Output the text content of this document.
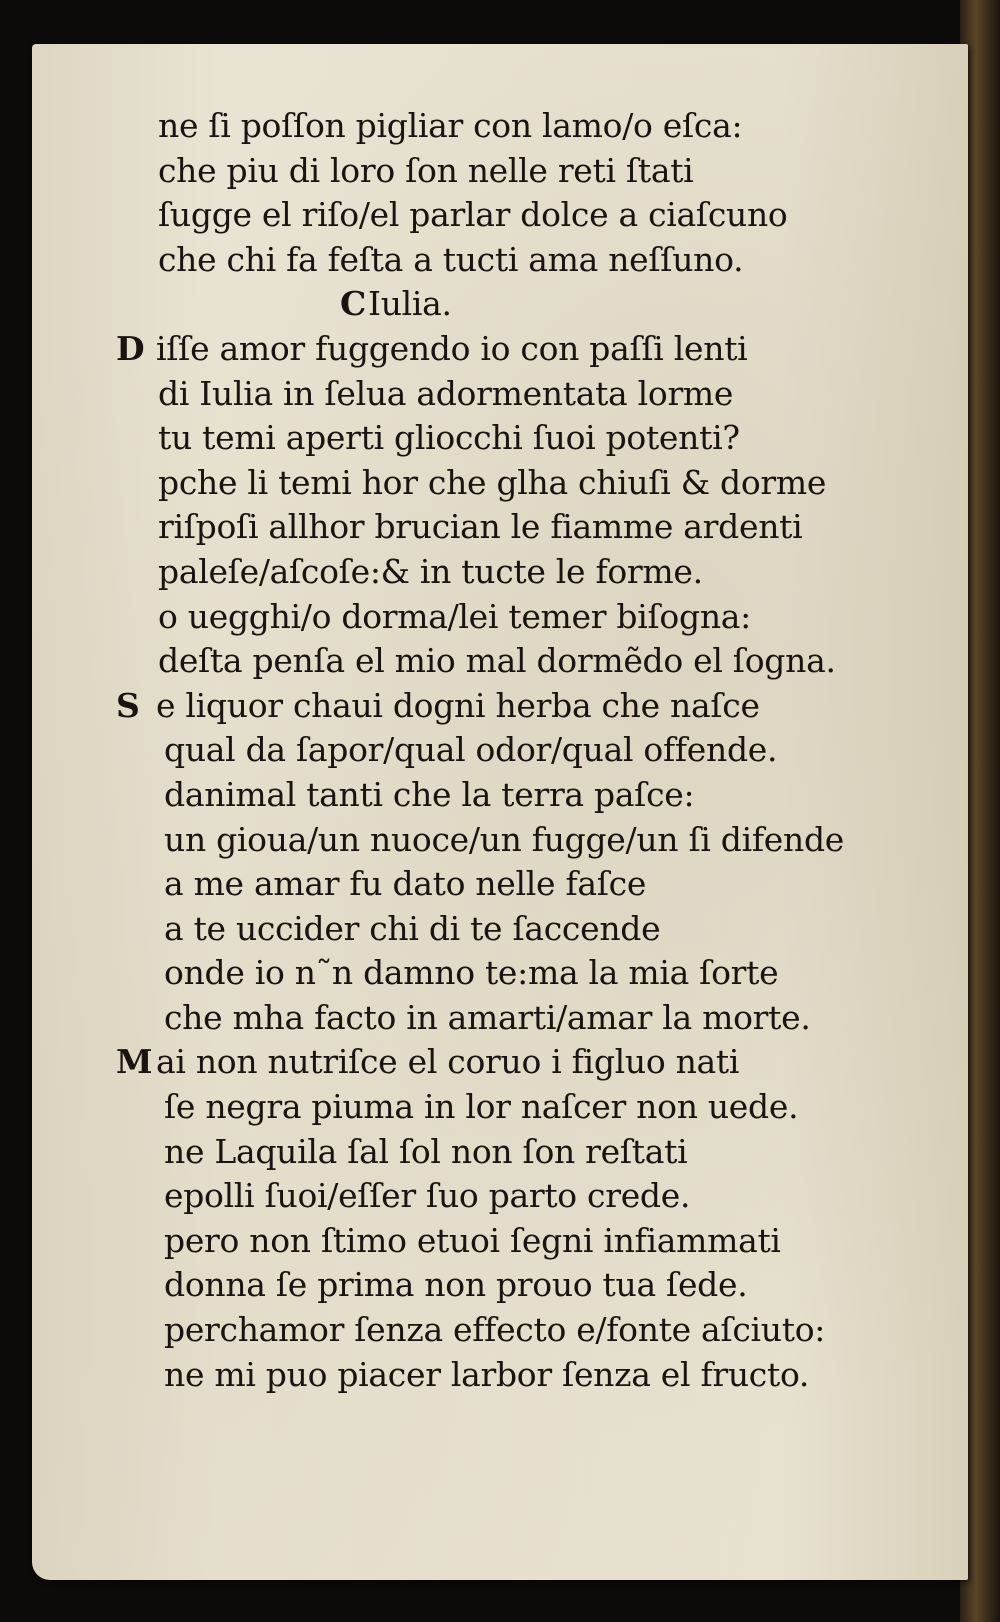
ne ſi poſſon pigliar con lamo/o eſca:
che piu di loro ſon nelle reti ſtati
ſugge el riſo/el parlar dolce a ciaſcuno
che chi fa feſta a tucti ama neſſuno.
CIulia.
D iſſe amor fuggendo io con paſſi lenti
di Iulia in ſelua adormentata lorme
tu temi aperti gliocchi ſuoi potenti?
pche li temi hor che glha chiuſi & dorme
riſpoſi allhor brucian le fiamme ardenti
paleſe/aſcoſe:& in tucte le forme.
o uegghi/o dorma/lei temer biſogna:
deſta penſa el mio mal dormẽdo el ſogna.
S e liquor chaui dogni herba che naſce
qual da ſapor/qual odor/qual offende.
danimal tanti che la terra paſce:
un gioua/un nuoce/un fugge/un ſi difende
a me amar fu dato nelle faſce
a te uccider chi di te ſaccende
onde io n˜n damno te:ma la mia ſorte
che mha facto in amarti/amar la morte.
M ai non nutriſce el coruo i figluo nati
ſe negra piuma in lor naſcer non uede.
ne Laquila ſal ſol non ſon reſtati
epolli ſuoi/eſſer ſuo parto crede.
pero non ſtimo etuoi ſegni infiammati
donna ſe prima non prouo tua ſede.
perchamor ſenza effecto e/fonte aſciuto:
ne mi puo piacer larbor ſenza el fructo.
